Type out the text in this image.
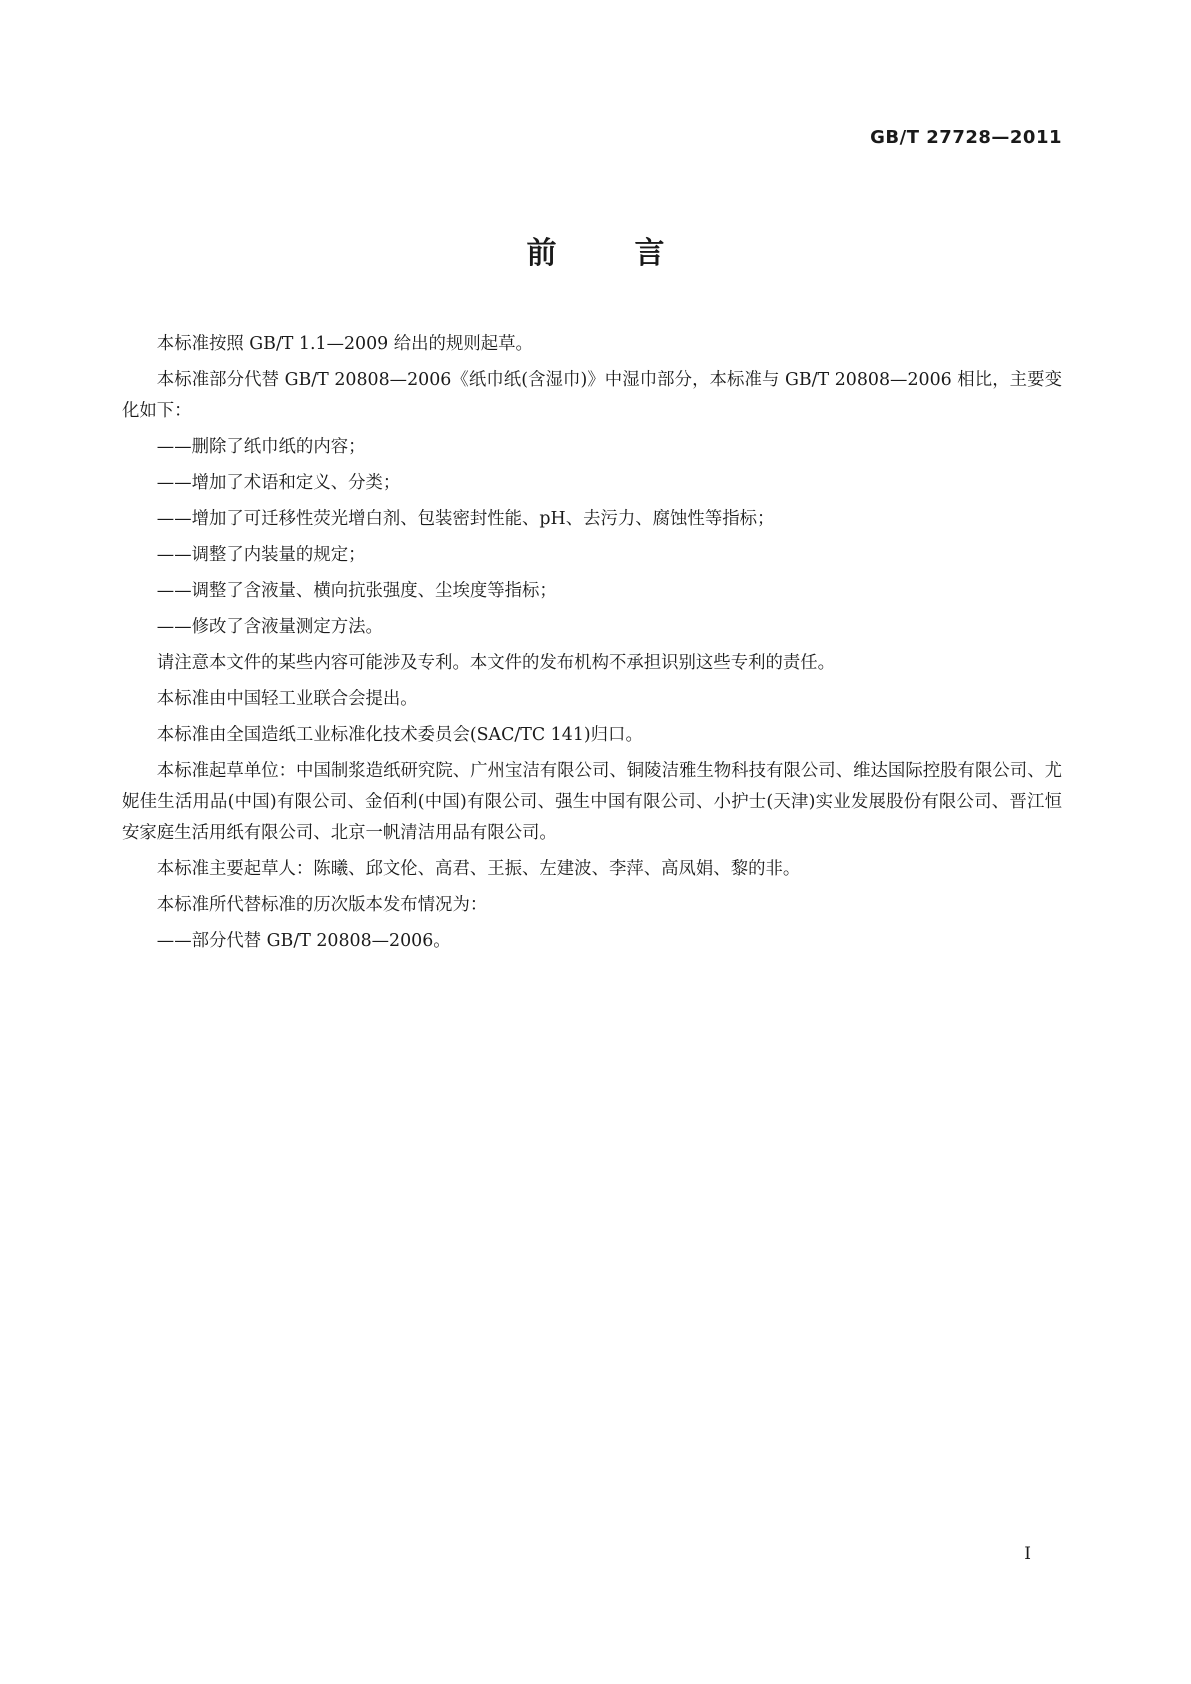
GB/T 27728—2011
前	言

本标准按照 GB/T 1.1—2009 给出的规则起草。

本标准部分代替 GB/T 20808—2006《纸巾纸(含湿巾)》中湿巾部分，本标准与 GB/T 20808—2006 相比，主要变化如下：

——删除了纸巾纸的内容；
——增加了术语和定义、分类；
——增加了可迁移性荧光增白剂、包装密封性能、pH、去污力、腐蚀性等指标；
——调整了内装量的规定；
——调整了含液量、横向抗张强度、尘埃度等指标；
——修改了含液量测定方法。

请注意本文件的某些内容可能涉及专利。本文件的发布机构不承担识别这些专利的责任。

本标准由中国轻工业联合会提出。

本标准由全国造纸工业标准化技术委员会(SAC/TC 141)归口。

本标准起草单位：中国制浆造纸研究院、广州宝洁有限公司、铜陵洁雅生物科技有限公司、维达国际控股有限公司、尤妮佳生活用品(中国)有限公司、金佰利(中国)有限公司、强生中国有限公司、小护士(天津)实业发展股份有限公司、晋江恒安家庭生活用纸有限公司、北京一帆清洁用品有限公司。

本标准主要起草人：陈曦、邱文伦、高君、王振、左建波、李萍、高凤娟、黎的非。

本标准所代替标准的历次版本发布情况为：

——部分代替 GB/T 20808—2006。
I
